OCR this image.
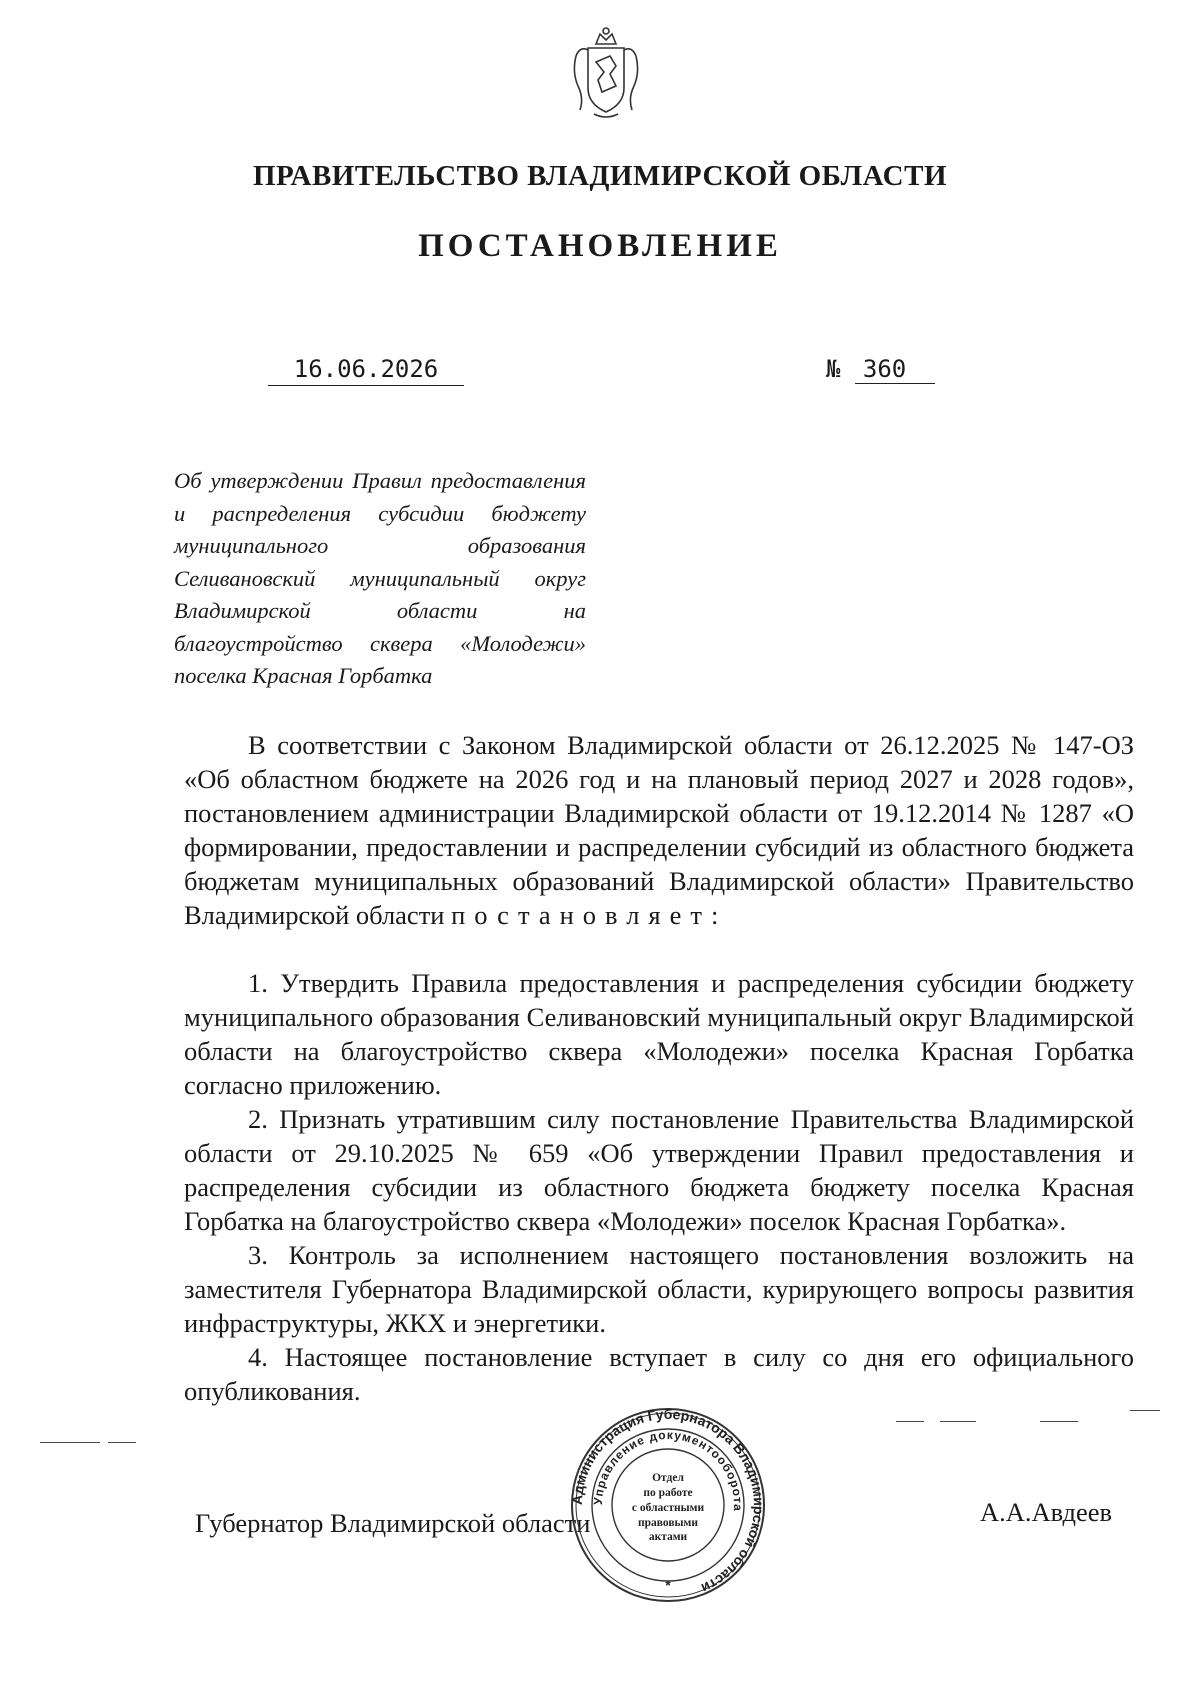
ПРАВИТЕЛЬСТВО ВЛАДИМИРСКОЙ ОБЛАСТИ
ПОСТАНОВЛЕНИЕ
16.06.2026	№ 360
Об утверждении Правил предоставления и распределения субсидии бюджету муниципального образования Селивановский муниципальный округ Владимирской области на благоустройство сквера «Молодежи» поселка Красная Горбатка

В соответствии с Законом Владимирской области от 26.12.2025 № 147-ОЗ «Об областном бюджете на 2026 год и на плановый период 2027 и 2028 годов», постановлением администрации Владимирской области от 19.12.2014 № 1287 «О формировании, предоставлении и распределении субсидий из областного бюджета бюджетам муниципальных образований Владимирской области» Правительство Владимирской области постановляет:

1. Утвердить Правила предоставления и распределения субсидии бюджету муниципального образования Селивановский муниципальный округ Владимирской области на благоустройство сквера «Молодежи» поселка Красная Горбатка согласно приложению.

2. Признать утратившим силу постановление Правительства Владимирской области от 29.10.2025 № 659 «Об утверждении Правил предоставления и распределения субсидии из областного бюджета бюджету поселка Красная Горбатка на благоустройство сквера «Молодежи» поселок Красная Горбатка».

3. Контроль за исполнением настоящего постановления возложить на заместителя Губернатора Владимирской области, курирующего вопросы развития инфраструктуры, ЖКХ и энергетики.

4. Настоящее постановление вступает в силу со дня его официального опубликования.

Губернатор Владимирской области
Администрация Губернатора Владимирской области
Управление документооборота
Отдел
по работе
с областными
правовыми
актами
*
А.А.Авдеев
